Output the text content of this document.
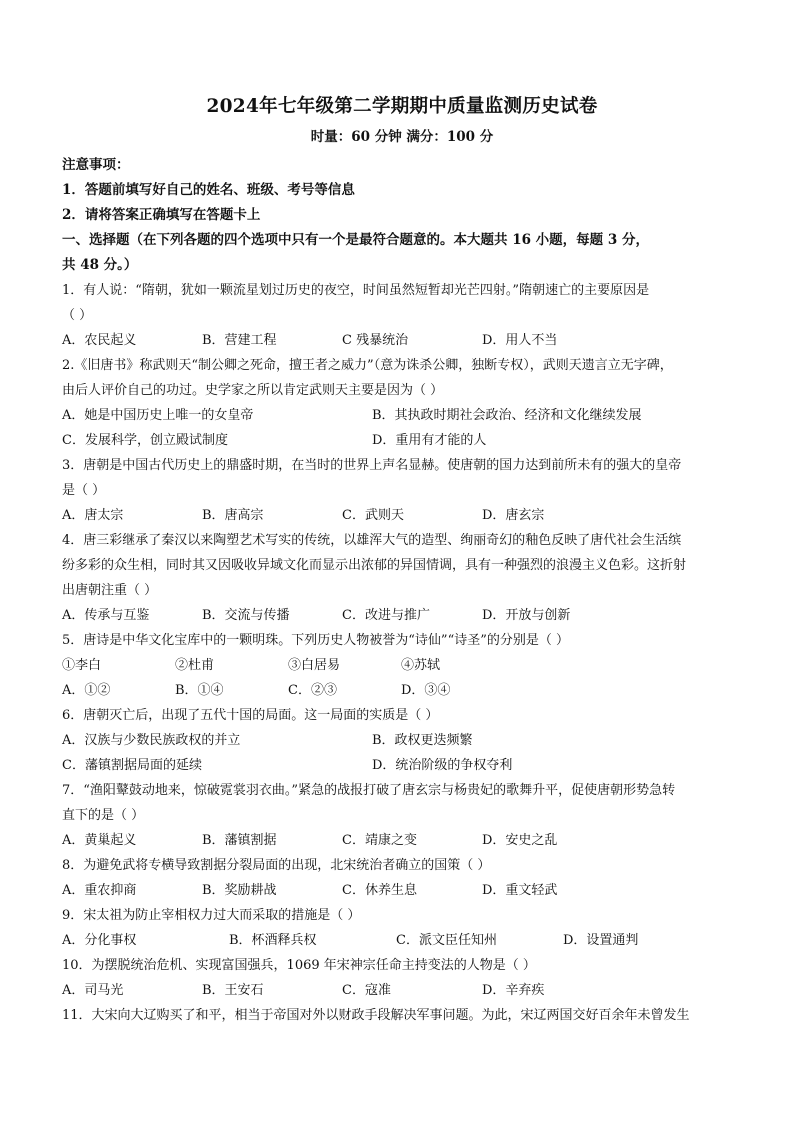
2024年七年级第二学期期中质量监测历史试卷
时量：60 分钟 满分：100 分
注意事项：
1．答题前填写好自己的姓名、班级、考号等信息
2．请将答案正确填写在答题卡上
一、选择题（在下列各题的四个选项中只有一个是最符合题意的。本大题共 16 小题，每题 3 分，
共 48 分。）
1．有人说：“隋朝，犹如一颗流星划过历史的夜空，时间虽然短暂却光芒四射。”隋朝速亡的主要原因是
（ ）
A．农民起义	B．营建工程	C 残暴统治	D．用人不当
2.《旧唐书》称武则天“制公卿之死命，擅王者之威力”（意为诛杀公卿，独断专权），武则天遗言立无字碑，
由后人评价自己的功过。史学家之所以肯定武则天主要是因为（ ）
A．她是中国历史上唯一的女皇帝	B．其执政时期社会政治、经济和文化继续发展
C．发展科学，创立殿试制度	D．重用有才能的人
3．唐朝是中国古代历史上的鼎盛时期，在当时的世界上声名显赫。使唐朝的国力达到前所未有的强大的皇帝
是（ ）
A．唐太宗	B．唐高宗	C．武则天	D．唐玄宗
4．唐三彩继承了秦汉以来陶塑艺术写实的传统，以雄浑大气的造型、绚丽奇幻的釉色反映了唐代社会生活缤
纷多彩的众生相，同时其又因吸收异域文化而显示出浓郁的异国情调，具有一种强烈的浪漫主义色彩。这折射
出唐朝注重（ ）
A．传承与互鉴	B．交流与传播	C．改进与推广	D．开放与创新
5．唐诗是中华文化宝库中的一颗明珠。下列历史人物被誉为“诗仙”“诗圣”的分别是（ ）
①李白	②杜甫	③白居易	④苏轼
A．①②	B．①④	C．②③	D．③④
6．唐朝灭亡后，出现了五代十国的局面。这一局面的实质是（ ）
A．汉族与少数民族政权的并立	B．政权更迭频繁
C．藩镇割据局面的延续	D．统治阶级的争权夺利
7．“渔阳鼙鼓动地来，惊破霓裳羽衣曲。”紧急的战报打破了唐玄宗与杨贵妃的歌舞升平，促使唐朝形势急转
直下的是（ ）
A．黄巢起义	B．藩镇割据	C．靖康之变	D．安史之乱
8．为避免武将专横导致割据分裂局面的出现，北宋统治者确立的国策（ ）
A．重农抑商	B．奖励耕战	C．休养生息	D．重文轻武
9．宋太祖为防止宰相权力过大而采取的措施是（ ）
A．分化事权	B．杯酒释兵权	C．派文臣任知州	D．设置通判
10．为摆脱统治危机、实现富国强兵，1069 年宋神宗任命主持变法的人物是（ ）
A．司马光	B．王安石	C．寇准	D．辛弃疾
11．大宋向大辽购买了和平，相当于帝国对外以财政手段解决军事问题。为此，宋辽两国交好百余年未曾发生
